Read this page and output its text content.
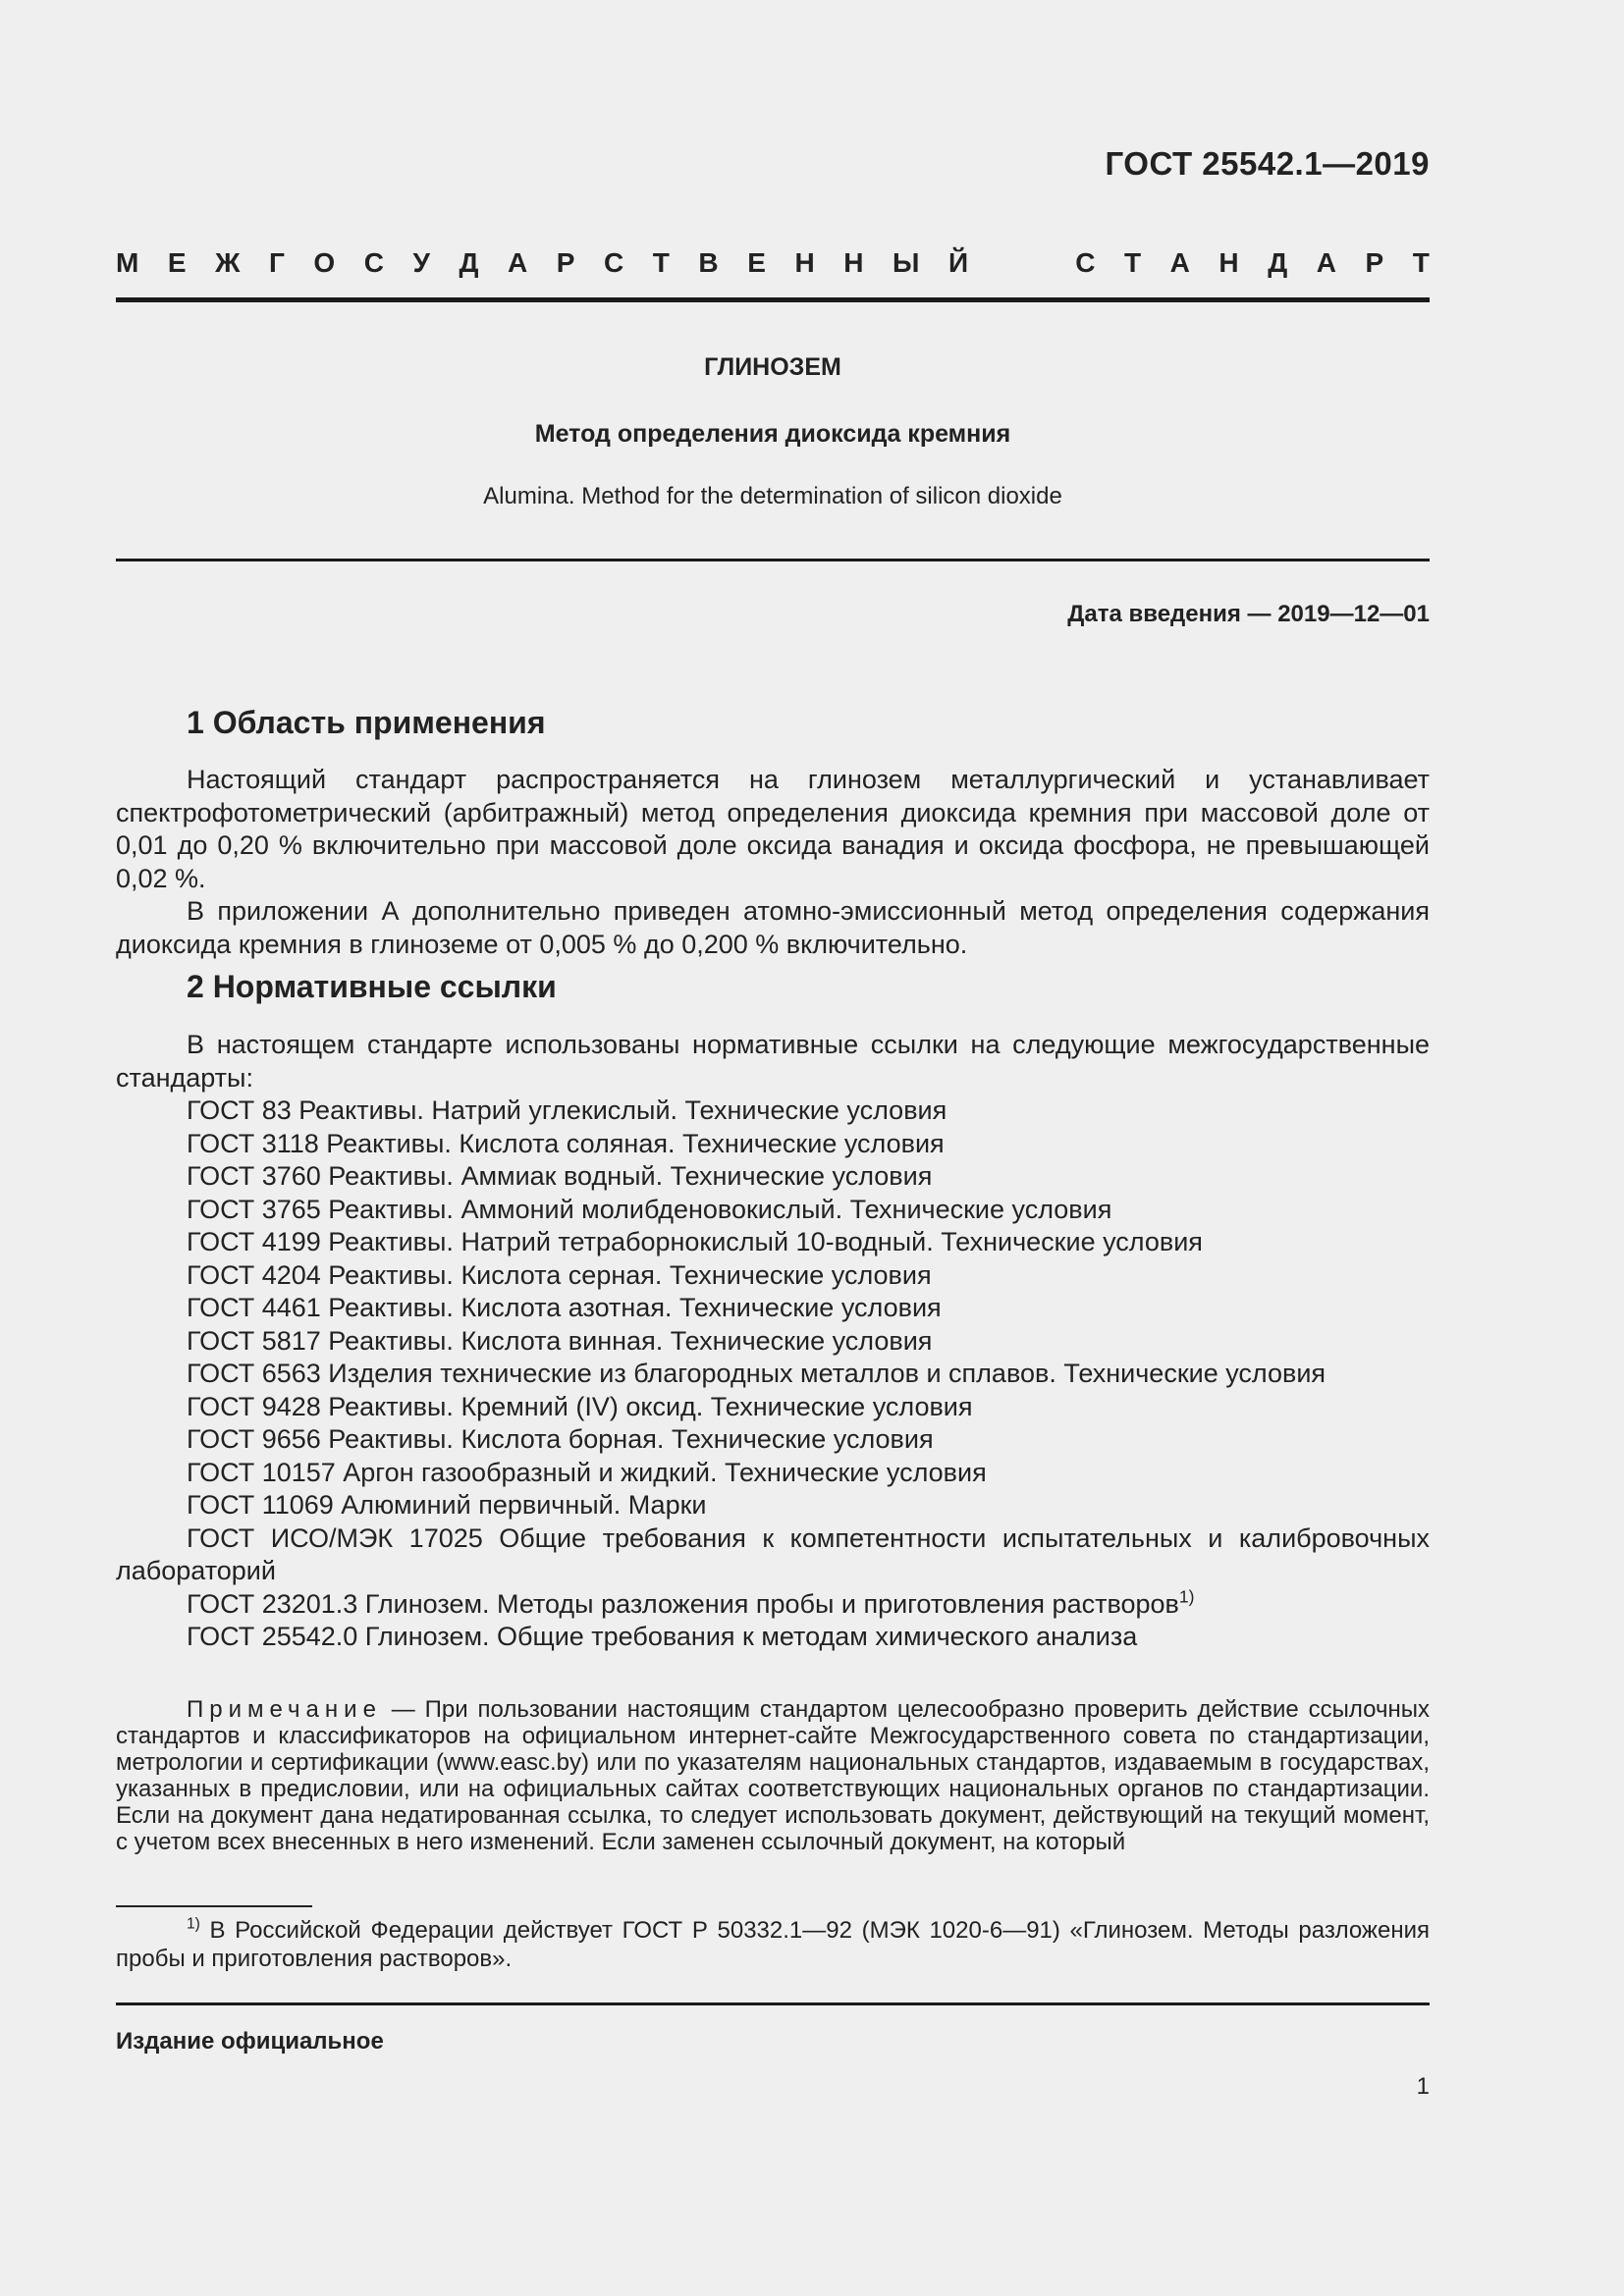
ГОСТ 25542.1—2019
М Е Ж Г О С У Д А Р С Т В Е Н Н Ы Й	С Т А Н Д А Р Т
ГЛИНОЗЕМ
Метод определения диоксида кремния
Alumina. Method for the determination of silicon dioxide
Дата введения — 2019—12—01
1 Область применения

Настоящий стандарт распространяется на глинозем металлургический и устанавливает спектрофотометрический (арбитражный) метод определения диоксида кремния при массовой доле от 0,01 до 0,20 % включительно при массовой доле оксида ванадия и оксида фосфора, не превышающей 0,02 %.

В приложении А дополнительно приведен атомно-эмиссионный метод определения содержания диоксида кремния в глиноземе от 0,005 % до 0,200 % включительно.

2 Нормативные ссылки

В настоящем стандарте использованы нормативные ссылки на следующие межгосударственные стандарты:

ГОСТ 83 Реактивы. Натрий углекислый. Технические условия
ГОСТ 3118 Реактивы. Кислота соляная. Технические условия
ГОСТ 3760 Реактивы. Аммиак водный. Технические условия
ГОСТ 3765 Реактивы. Аммоний молибденовокислый. Технические условия
ГОСТ 4199 Реактивы. Натрий тетраборнокислый 10-водный. Технические условия
ГОСТ 4204 Реактивы. Кислота серная. Технические условия
ГОСТ 4461 Реактивы. Кислота азотная. Технические условия
ГОСТ 5817 Реактивы. Кислота винная. Технические условия
ГОСТ 6563 Изделия технические из благородных металлов и сплавов. Технические условия
ГОСТ 9428 Реактивы. Кремний (IV) оксид. Технические условия
ГОСТ 9656 Реактивы. Кислота борная. Технические условия
ГОСТ 10157 Аргон газообразный и жидкий. Технические условия
ГОСТ 11069 Алюминий первичный. Марки
ГОСТ ИСО/МЭК 17025 Общие требования к компетентности испытательных и калибровочных лабораторий
ГОСТ 23201.3 Глинозем. Методы разложения пробы и приготовления растворов$^{1)}$
ГОСТ 25542.0 Глинозем. Общие требования к методам химического анализа

Примечание — При пользовании настоящим стандартом целесообразно проверить действие ссылочных стандартов и классификаторов на официальном интернет-сайте Межгосударственного совета по стандартизации, метрологии и сертификации (www.easc.by) или по указателям национальных стандартов, издаваемым в государствах, указанных в предисловии, или на официальных сайтах соответствующих национальных органов по стандартизации. Если на документ дана недатированная ссылка, то следует использовать документ, действующий на текущий момент, с учетом всех внесенных в него изменений. Если заменен ссылочный документ, на который

$^{1)}$ В Российской Федерации действует ГОСТ Р 50332.1—92 (МЭК 1020-6—91) «Глинозем. Методы разложения пробы и приготовления растворов».

Издание официальное
1
